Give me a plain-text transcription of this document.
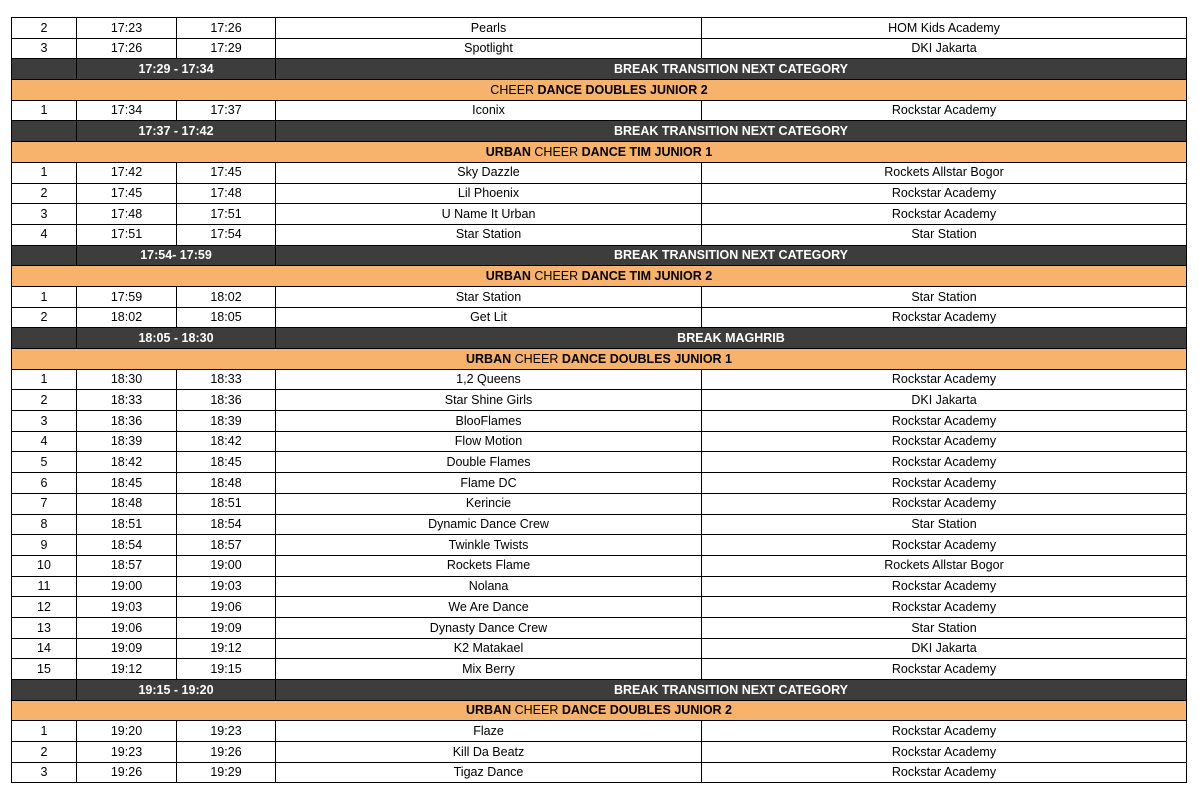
2	17:23	17:26	Pearls	HOM Kids Academy
3	17:26	17:29	Spotlight	DKI Jakarta
	17:29 - 17:34		BREAK TRANSITION NEXT CATEGORY	
CHEER DANCE DOUBLES JUNIOR 2				
1	17:34	17:37	Iconix	Rockstar Academy
	17:37 - 17:42		BREAK TRANSITION NEXT CATEGORY	
URBAN CHEER DANCE TIM JUNIOR 1				
1	17:42	17:45	Sky Dazzle	Rockets Allstar Bogor
2	17:45	17:48	Lil Phoenix	Rockstar Academy
3	17:48	17:51	U Name It Urban	Rockstar Academy
4	17:51	17:54	Star Station	Star Station
	17:54- 17:59		BREAK TRANSITION NEXT CATEGORY	
URBAN CHEER DANCE TIM JUNIOR 2				
1	17:59	18:02	Star Station	Star Station
2	18:02	18:05	Get Lit	Rockstar Academy
	18:05 - 18:30		BREAK MAGHRIB	
URBAN CHEER DANCE DOUBLES JUNIOR 1				
1	18:30	18:33	1,2 Queens	Rockstar Academy
2	18:33	18:36	Star Shine Girls	DKI Jakarta
3	18:36	18:39	BlooFlames	Rockstar Academy
4	18:39	18:42	Flow Motion	Rockstar Academy
5	18:42	18:45	Double Flames	Rockstar Academy
6	18:45	18:48	Flame DC	Rockstar Academy
7	18:48	18:51	Kerincie	Rockstar Academy
8	18:51	18:54	Dynamic Dance Crew	Star Station
9	18:54	18:57	Twinkle Twists	Rockstar Academy
10	18:57	19:00	Rockets Flame	Rockets Allstar Bogor
11	19:00	19:03	Nolana	Rockstar Academy
12	19:03	19:06	We Are Dance	Rockstar Academy
13	19:06	19:09	Dynasty Dance Crew	Star Station
14	19:09	19:12	K2 Matakael	DKI Jakarta
15	19:12	19:15	Mix Berry	Rockstar Academy
	19:15 - 19:20		BREAK TRANSITION NEXT CATEGORY	
URBAN CHEER DANCE DOUBLES JUNIOR 2				
1	19:20	19:23	Flaze	Rockstar Academy
2	19:23	19:26	Kill Da Beatz	Rockstar Academy
3	19:26	19:29	Tigaz Dance	Rockstar Academy
